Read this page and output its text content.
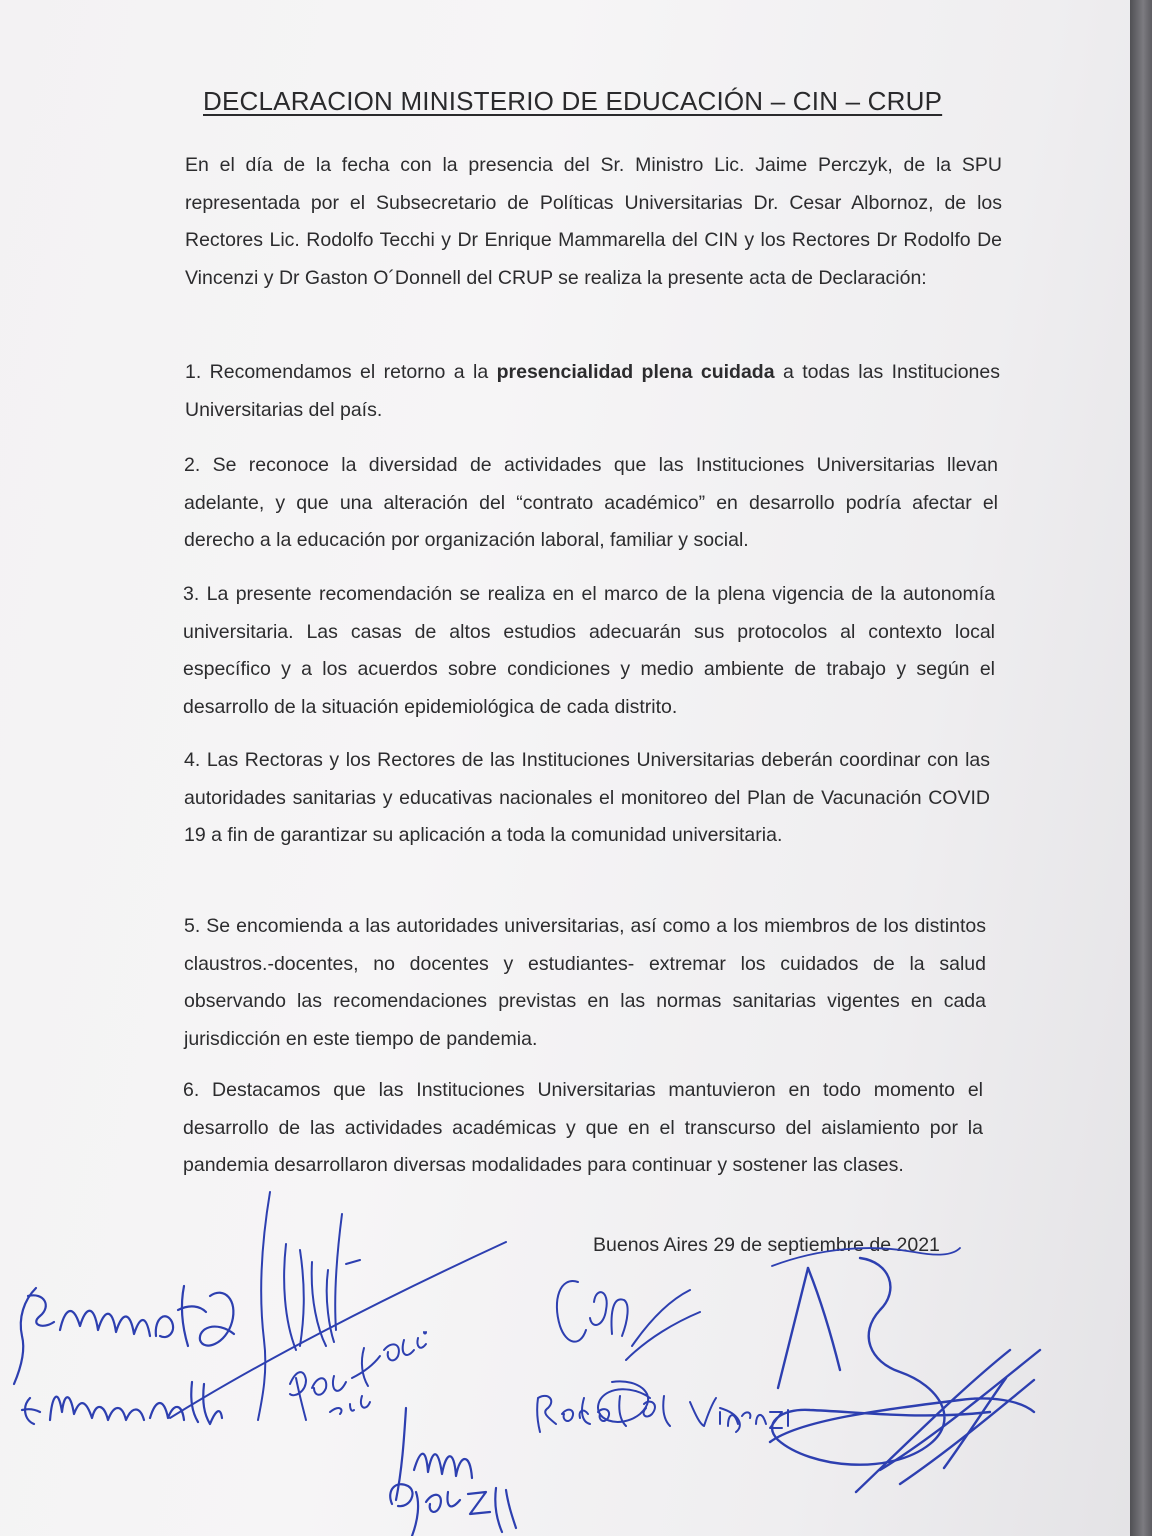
DECLARACION MINISTERIO DE EDUCACIÓN – CIN – CRUP

En el día de la fecha con la presencia del Sr. Ministro Lic. Jaime Perczyk, de la SPU representada por el Subsecretario de Políticas Universitarias Dr. Cesar Albornoz, de los Rectores Lic. Rodolfo Tecchi y Dr Enrique Mammarella del CIN y los Rectores Dr Rodolfo De Vincenzi y Dr Gaston O´Donnell del CRUP se realiza la presente acta de Declaración:

1. Recomendamos el retorno a la presencialidad plena cuidada a todas las Instituciones Universitarias del país.

2. Se reconoce la diversidad de actividades que las Instituciones Universitarias llevan adelante, y que una alteración del “contrato académico” en desarrollo podría afectar el derecho a la educación por organización laboral, familiar y social.

3. La presente recomendación se realiza en el marco de la plena vigencia de la autonomía universitaria. Las casas de altos estudios adecuarán sus protocolos al contexto local específico y a los acuerdos sobre condiciones y medio ambiente de trabajo y según el desarrollo de la situación epidemiológica de cada distrito.

4. Las Rectoras y los Rectores de las Instituciones Universitarias deberán coordinar con las autoridades sanitarias y educativas nacionales el monitoreo del Plan de Vacunación COVID 19 a fin de garantizar su aplicación a toda la comunidad universitaria.

5. Se encomienda a las autoridades universitarias, así como a los miembros de los distintos claustros.-docentes, no docentes y estudiantes- extremar los cuidados de la salud observando las recomendaciones previstas en las normas sanitarias vigentes en cada jurisdicción en este tiempo de pandemia.

6. Destacamos que las Instituciones Universitarias mantuvieron en todo momento el desarrollo de las actividades académicas y que en el transcurso del aislamiento por la pandemia desarrollaron diversas modalidades para continuar y sostener las clases.

Buenos Aires 29 de septiembre de 2021
